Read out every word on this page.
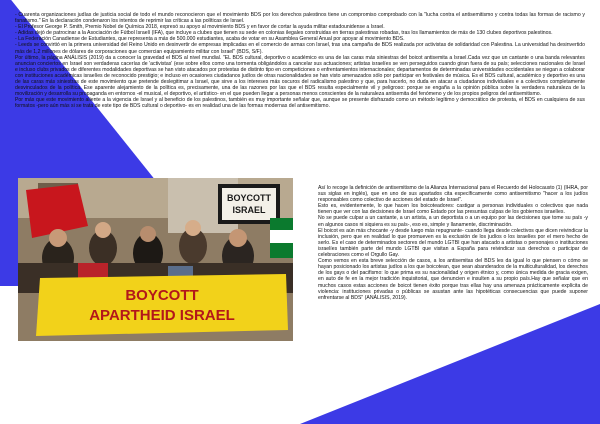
- Cuarenta organizaciones judías de justicia social de todo el mundo reconocieron que el movimiento BDS por los derechos palestinos tiene un compromiso comprobado con la "lucha contra el antisemitismo y contra todas las formas de racismo y fanatismo." En la declaración condenaron los intentos de reprimir las críticas a las políticas de Israel.

- El Profesor George P. Smith, Premio Nobel de Química 2018, expresó su apoyo al movimiento BDS y en favor de cortar la ayuda militar estadounidense a Israel.

- Adidas dejó de patrocinar a la Asociación de Fútbol Israelí (IFA), que incluye a clubes que tienen su sede en colonias ilegales construidas en tierras palestinas robadas, tras los llamamientos de más de 130 clubes deportivos palestinos.

- La Federación Canadiense de Estudiantes, que representa a más de 500.000 estudiantes, acaba de votar en su Asamblea General Anual por apoyar al movimiento BDS.

- Leeds se convirtió en la primera universidad del Reino Unido en desinvertir de empresas implicadas en el comercio de armas con Israel, tras una campaña de BDS realizada por activistas de solidaridad con Palestina. La universidad ha desinvertido más de 1,2 millones de dólares de corporaciones que comercian equipamiento militar con Israel" (BDS, S/F).

Por último, la página ANÁLISIS (2019) da a conocer la gravedad el BDS al nivel mundial. "EL BDS cultural, deportivo o académico es una de las caras más siniestras del boicot antisemita a Israel.Cada vez que un cantante o una banda relevantes anuncian conciertos en Israel son verdaderas cacerías de 'activistas' (ese sobre ellos como una tormenta obligándolos a cancelar sus actuaciones; artistas israelíes se ven perseguidos cuando giran fuera de su país; selecciones nacionales de Israel e incluso clubs privados de diferentes modalidades deportivas se han visto atacados por protestas de distinto tipo en competiciones o enfrentamientos internacionales; departamentos de determinadas universidades occidentales se niegan a colaborar con instituciones académicas israelíes de reconocido prestigio; e incluso en ocasiones ciudadanos judíos de otras nacionalidades se han visto amenazados sólo por participar en festivales de música. Es el BDS cultural, académico y deportivo es una de las caras más siniestras de este movimiento que pretende deslegitimar a Israel, que sirve a los intereses más oscuros del radicalismo palestino y que, para hacerlo, no duda en atacar a ciudadanos individuales e a colectivos completamente desvinculados de la política. Ese aparente alejamiento de la política es, precisamente, una de las razones por las que el BDS resulta especialmente vil y peligroso: porque se engaña a la opinión pública sobre la verdadera naturaleza de la movilización y desarrolla su propaganda en entornos -el musical, el deportivo, el artístico- en el que pueden llegar a personas menos conscientes de la naturaleza antisemita del fenómeno y de los propios peligros del antisemitismo.

Por más que este movimiento aliente a la vigencia de Israel y al beneficio de los palestinos, también es muy importante señalar que, aunque se presente disfrazado como un método legítimo y democrático de protesta, el BDS en cualquiera de sus formatos -pero aún más si se trata de este tipo de BDS cultural o deportivo- es en realidad una de las formas modernas del antisemitismo.

BOYCOTT
ISRAEL
BOYCOTT
APARTHEID ISRAEL

Así lo recoge la definición de antisemitismo de la Alianza Internacional para el Recuerdo del Holocausto (1) (IHRA, por sus siglas en inglés), que en uno de sus apartados cita específicamente como antisemitismo "hacer a los judíos responsables como colectivo de acciones del estado de Israel".

Esto es, evidentemente, lo que hacen los boicoteadores: castigar a personas individuales o colectivos que nada tienen que ver con las decisiones de Israel como Estado por las presuntas culpas de los gobiernos israelíes.

No se puede culpar a un cantante, a un artista, a un deportista o a un equipo por las decisiones que tome su país -y en algunos casos ni siquiera es su país-, eso es, simple y llanamente, discriminación.

El boicot es aún más chocante -y desde luego más repugnante- cuando llega desde colectivos que dicen reivindicar la inclusión, pero que en realidad lo que promueven es la exclusión de los judíos o los israelíes por el mero hecho de serlo. Es el caso de determinados sectores del mundo LGTBI que han atacado a artistas o personajes o instituciones israelíes también parte del mundo LGTBI que visitan a España para reivindicar sus derechos o participar de celebraciones como el Orgullo Gay.

Como vemos en esta breve selección de casos, a los antisemitas del BDS les da igual lo que piensen o cómo se hayan posicionado los artistas judíos a los que boicotean, que sean abanderados de la multiculturalidad, los derechos de los gays o del pacifismo: lo que prima es su nacionalidad y origen étnico y, como única medida de gracia exigen, en auto de fe en la mejor tradición inquisitorial, que denuncien e insulten a su propio país.Hay que señalar que en muchos casos estas acciones de boicot tienen éxito porque tras ellas hay una amenaza prácticamente explícita de violencia: instituciones privadas o públicas se asustan ante las hipotéticas consecuencias que puede suponer enfrentarse al BDS" (ANÁLISIS, 2019).
